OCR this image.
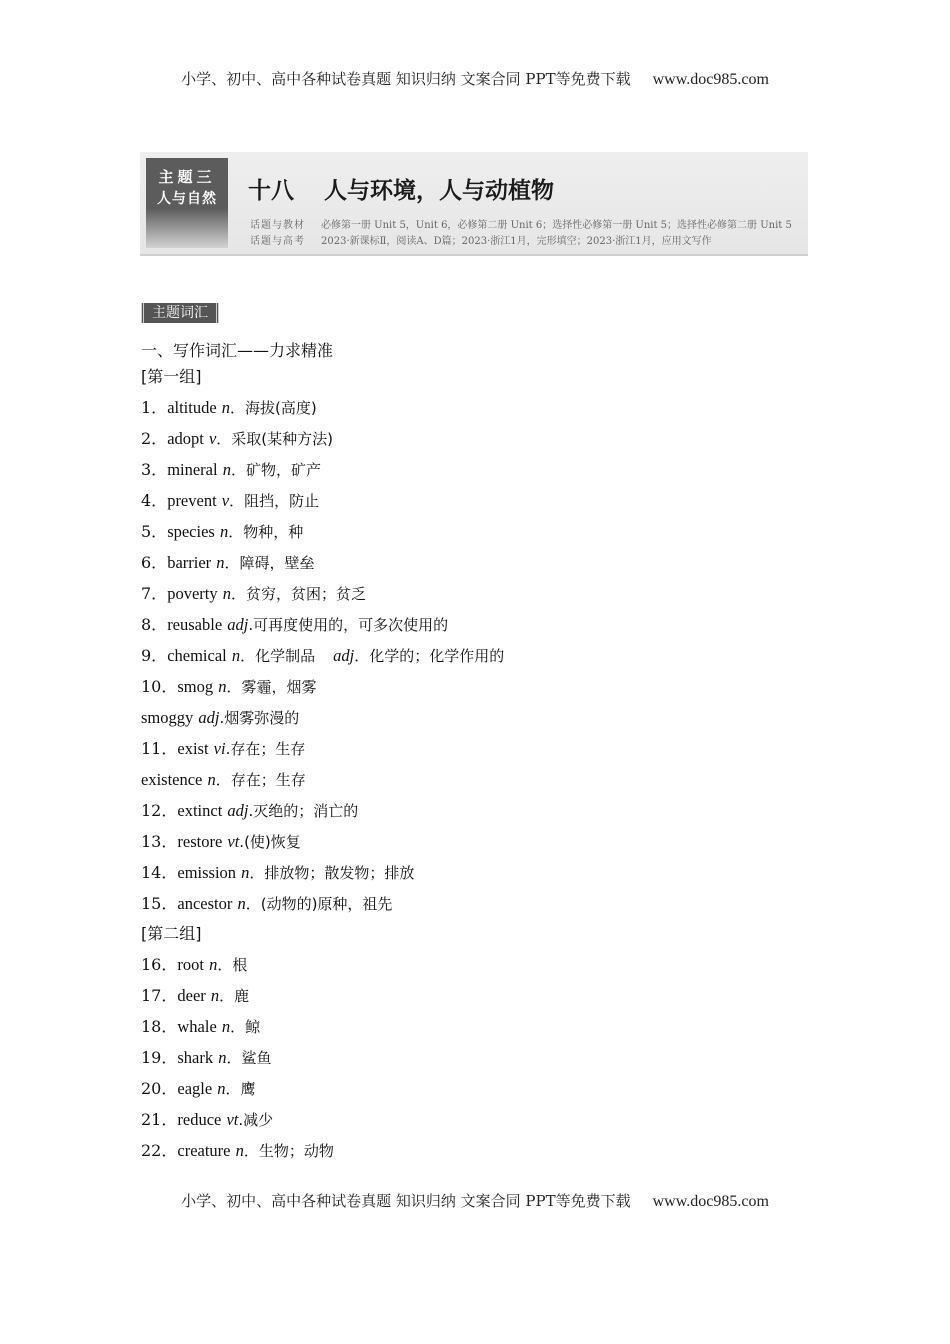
小学、初中、高中各种试卷真题 知识归纳 文案合同 PPT等免费下载 www.doc985.com
主题三
人与自然	十八 人与环境，人与动植物
话题与教材 必修第一册 Unit 5，Unit 6，必修第二册 Unit 6；选择性必修第一册 Unit 5；选择性必修第二册 Unit 5
话题与高考 2023·新课标Ⅱ，阅读A、D篇；2023·浙江1月，完形填空；2023·浙江1月，应用文写作
主题词汇
一、写作词汇——力求精准
[第一组]
1．altitude n．海拔(高度)
2．adopt v．采取(某种方法)
3．mineral n．矿物，矿产
4．prevent v．阻挡，防止
5．species n．物种，种
6．barrier n．障碍，壁垒
7．poverty n．贫穷，贫困；贫乏
8．reusable adj.可再度使用的，可多次使用的
9．chemical n．化学制品 adj．化学的；化学作用的
10．smog n．雾霾，烟雾
smoggy adj.烟雾弥漫的
11．exist vi.存在；生存
existence n．存在；生存
12．extinct adj.灭绝的；消亡的
13．restore vt.(使)恢复
14．emission n．排放物；散发物；排放
15．ancestor n．(动物的)原种，祖先
[第二组]
16．root n．根
17．deer n．鹿
18．whale n．鲸
19．shark n．鲨鱼
20．eagle n．鹰
21．reduce vt.减少
22．creature n．生物；动物
小学、初中、高中各种试卷真题 知识归纳 文案合同 PPT等免费下载 www.doc985.com
